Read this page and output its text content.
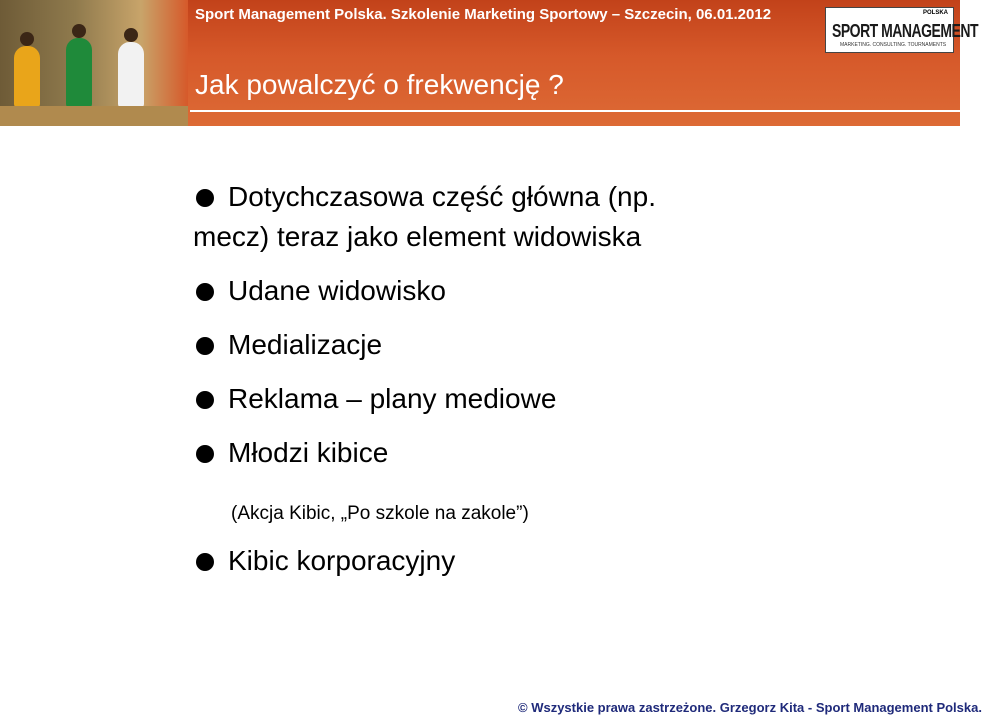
Sport Management Polska. Szkolenie Marketing Sportowy – Szczecin, 06.01.2012
Jak powalczyć o frekwencję ?
POLSKA
SPORT MANAGEMENT
MARKETING. CONSULTING. TOURNAMENTS
Dotychczasowa część główna (np.
mecz) teraz jako element widowiska
Udane widowisko
Medializacje
Reklama – plany mediowe
Młodzi kibice
(Akcja Kibic, „Po szkole na zakole”)
Kibic korporacyjny
© Wszystkie prawa zastrzeżone. Grzegorz Kita - Sport Management Polska.
